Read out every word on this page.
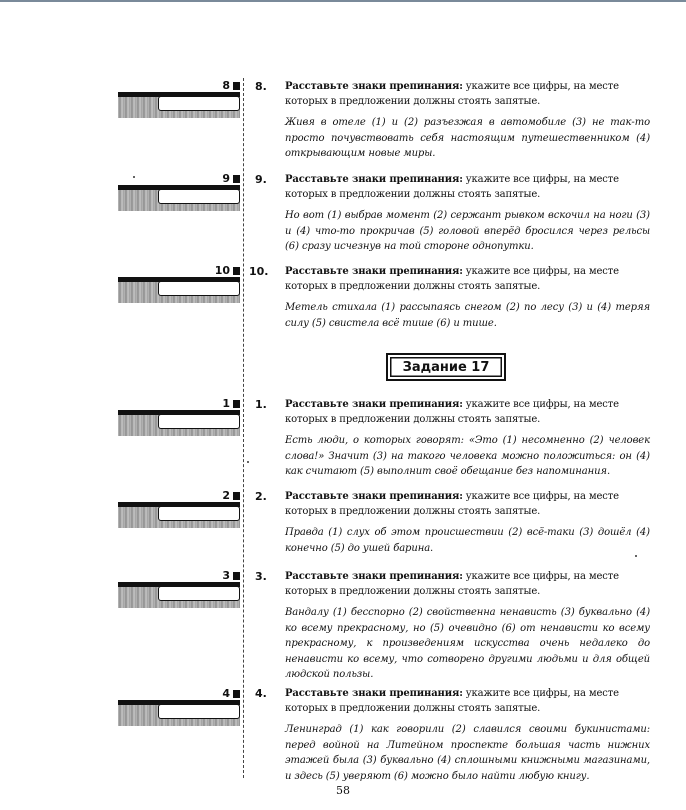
8
9
10
1
2
3
4
8. Расставьте знаки препинания: укажите все цифры, на месте которых в предложении должны стоять запятые.
Живя в отеле (1) и (2) разъезжая в автомобиле (3) не так-то просто почувствовать себя настоящим путешественником (4) открывающим новые миры.
9. Расставьте знаки препинания: укажите все цифры, на месте которых в предложении должны стоять запятые.
Но вот (1) выбрав момент (2) сержант рывком вскочил на ноги (3) и (4) что-то прокричав (5) головой вперёд бросился через рельсы (6) сразу исчезнув на той стороне однопутки.
10. Расставьте знаки препинания: укажите все цифры, на месте которых в предложении должны стоять запятые.
Метель стихала (1) рассыпаясь снегом (2) по лесу (3) и (4) теряя силу (5) свистела всё тише (6) и тише.
Задание 17
1. Расставьте знаки препинания: укажите все цифры, на месте которых в предложении должны стоять запятые.
Есть люди, о которых говорят: «Это (1) несомненно (2) человек слова!» Значит (3) на такого человека можно положиться: он (4) как считают (5) выполнит своё обещание без напоминания.
2. Расставьте знаки препинания: укажите все цифры, на месте которых в предложении должны стоять запятые.
Правда (1) слух об этом происшествии (2) всё-таки (3) дошёл (4) конечно (5) до ушей барина.
3. Расставьте знаки препинания: укажите все цифры, на месте которых в предложении должны стоять запятые.
Вандалу (1) бесспорно (2) свойственна ненависть (3) буквально (4) ко всему прекрасному, но (5) очевидно (6) от ненависти ко всему прекрасному, к произведениям искусства очень недалеко до ненависти ко всему, что сотворено другими людьми и для общей людской пользы.
4. Расставьте знаки препинания: укажите все цифры, на месте которых в предложении должны стоять запятые.
Ленинград (1) как говорили (2) славился своими букинистами: перед войной на Литейном проспекте большая часть нижних этажей была (3) буквально (4) сплошными книжными магазинами, и здесь (5) уверяют (6) можно было найти любую книгу.
58
